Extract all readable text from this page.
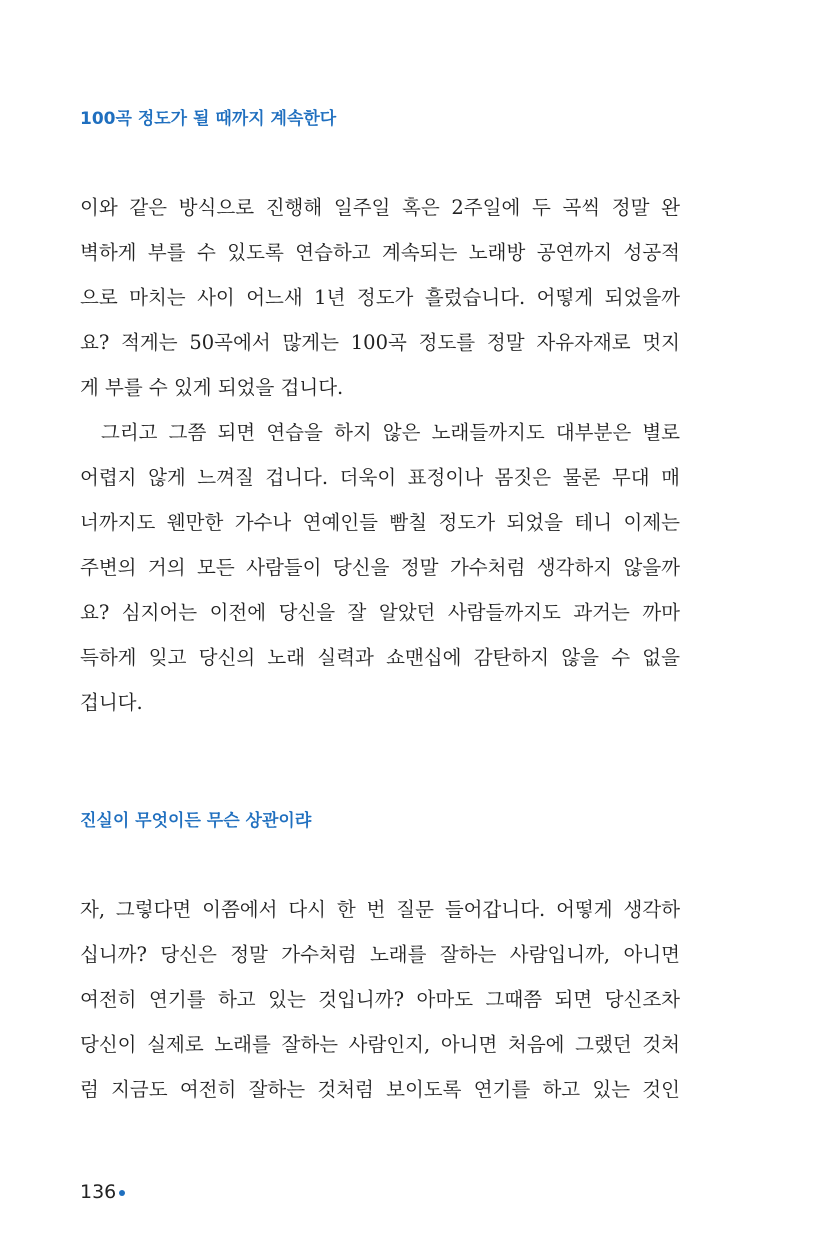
100곡 정도가 될 때까지 계속한다

이와 같은 방식으로 진행해 일주일 혹은 2주일에 두 곡씩 정말 완

벽하게 부를 수 있도록 연습하고 계속되는 노래방 공연까지 성공적

으로 마치는 사이 어느새 1년 정도가 흘렀습니다. 어떻게 되었을까

요? 적게는 50곡에서 많게는 100곡 정도를 정말 자유자재로 멋지

게 부를 수 있게 되었을 겁니다.

그리고 그쯤 되면 연습을 하지 않은 노래들까지도 대부분은 별로

어렵지 않게 느껴질 겁니다. 더욱이 표정이나 몸짓은 물론 무대 매

너까지도 웬만한 가수나 연예인들 빰칠 정도가 되었을 테니 이제는

주변의 거의 모든 사람들이 당신을 정말 가수처럼 생각하지 않을까

요? 심지어는 이전에 당신을 잘 알았던 사람들까지도 과거는 까마

득하게 잊고 당신의 노래 실력과 쇼맨십에 감탄하지 않을 수 없을

겁니다.

진실이 무엇이든 무슨 상관이랴

자, 그렇다면 이쯤에서 다시 한 번 질문 들어갑니다. 어떻게 생각하

십니까? 당신은 정말 가수처럼 노래를 잘하는 사람입니까, 아니면

여전히 연기를 하고 있는 것입니까? 아마도 그때쯤 되면 당신조차

당신이 실제로 노래를 잘하는 사람인지, 아니면 처음에 그랬던 것처

럼 지금도 여전히 잘하는 것처럼 보이도록 연기를 하고 있는 것인

136
